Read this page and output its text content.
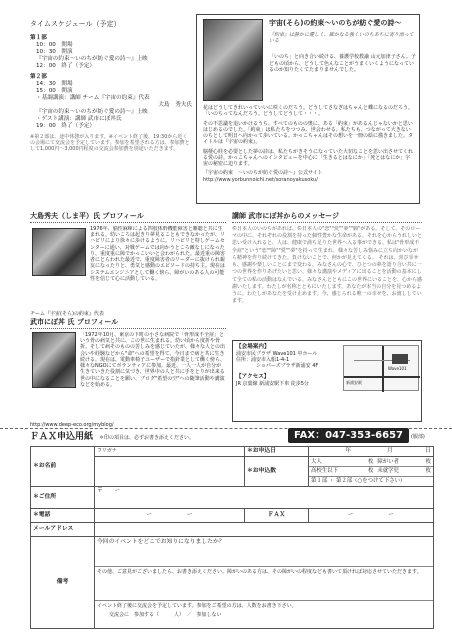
タイムスケジュール（予定）
第１部
10：00　開場
10：30　開演
『宇宙の約束〜いのちが紡ぐ愛の詩〜』上映
12：00　終了（予定）
第２部
14：30　開場
15：00　開演
・基調講演：講師 チーム『宇宙の約束』代表
大島　秀夫氏
『宇宙の約束〜いのちが紡ぐ愛の詩〜』上映
・ゲスト講演：講師 武市にぽ丼氏
19：00　終了（予定）
※第２部は、途中休憩が入ります。※イベント終了後、19:30から近くの会場にて交流会を予定しています。参加を希望される方は、参加費として1,000円〜3,000円程度の交流会参加費を別途いただきます。
宇宙(そら)の約束〜いのちが紡ぐ愛の詩〜
『約束』は静かに優しく、確かなる強くいのちあちに寄り添っている
「いのち」と向き合い続ける、養護学校教諭 山元加津子さん。子どもの頃から、どうして色んなことがうまくいくようになっているのか知りたくてたまりませんでした。
花はどうしてきれいっていいに咲くのだろう。どうしてさなぎはちゃんと蝶になるのだろう。「いのちってなんだろう。どうしてどうして・・・。
その不思議を追いかけるうち、すべてのものの奥に、ある「約束」があるんじゃないかと思いはじめるのでした。「約束」は私たちをつつみ、世会わせる。私たちも、つながって大きないのちとして明日へ向かって歩いている。かっこちゃんはその想いを一冊の絵に描きました。タイトルは『宇宙の約束』。
脳梗心経を必要とした夢の詩は、私たちがきそうになっていた大切なことを思い出させてくれる愛の詩。かっこちゃんへのインタビューを中心に「生きるとはなにか」「死とはなにか」宇宙の秘密に迫ります。
『宇宙の約束　〜いのちが紡ぐ愛の詩〜』公式サイト
http://www.yorbunnoichi.net/soranoyakusoku/
大島秀夫（しま平）氏 プロフィール
1976年、脳性麻痺による四肢体幹機能障害と難聴と共に生まれる。幼いころは起きり夢見ることもできなかったが、リハビリにより徐々に歩けるように。リハビリと特しゲームセンターに通い、対戦ゲームでは向かうところ敵なしになったり、重度重に障でかっこいいと会わがられた。最近重の障害者にとらわれた最近で、重度障害者のリーダーに抜けられ親友になったりと、勇気と感動のエピソードの持ち主。現在はシステムエンジニアとして働く傍ら、障がいのある人の可能性を信じて心に活動している。
チーム『宇宙(そら)の約束』代表
武市にぽ丼 氏 プロフィール
「1972年10月、東京の下町の小さな病院で「骨形成不全症」という骨の病気と共に、この世に生まれる。幼い頃から度折や骨折。そして病そのものの苦しみを感じていたが、様々な人との出会いや経験などから"命"への希望を得て、今日まで病と共に生き続ける。現在は、電動車椅子ユーザーで指針業として働く傍ら、様々なNGOにてボランティアに参加。最近、一人一人が自分が生きていきた役割に気づき、世界中の人と共に手をとりが出来る世の中になることを願い、ブログ"希望の空"への随筆活動や講演などを始める。
http://www.deep-eco.org/myblog/
講師 武市にぽ丼からのメッセージ
©日本人のいのちがあれば、©日本人の"恋""愛""夢""願"がある。そして、そのローマの中に、それぞれの役割を持った個性豊かな生命がある。それを心からうれしいと思い受け入れると、人は、健康で満ち足りた世界へ入る事ができる。私は"骨形成不全症"という"恋""障""愛""夢"を持って生まれ、様々な苦しみ悩みに立ち向かいながら精神を作り続けてきた。負けないことで、何かが見えてくる。 それは、喜び幸せも、感謝や楽しいことにまで変わる。みなさんの心で、ひとつの夢を語り合い共に一つの世界を作りあげたいと思い、様々な講演やメディアに出ることを活動の基本にして全ての私の活動はなんでいる。みなさんとともにこの世界にいることを、心から感謝いたします。わたしが名称とともにいたします。あなたが本当の自分を見つめるように。わたしがあなたを受け止めます。今、感じられる唯一の幸せを、お渡ししています。
【会場案内】
浦安市民プラザ Wave101 中ホール
住所：浦安市入船1-4-1
ショパーズプラザ新浦安 4F
【アクセス】
JR 京葉線 新浦安駅下車 徒歩5分	新浦安駅
Wave101
ＦＡＸ申込用紙 ＊印の項目は、必ずお書き添えください。	FAX：047-353-6657 (服部)
＊お名前	フリガナ	＊お申込日	年	月	日
	＊お申込数	
大人	枚	障がい者	枚
高校生以下	枚	未就学児	枚
第１部 ・ 第２部（○をつけて下さい）

＊ご住所	〒　　ー
＊電話	ー　　　　　　ー	ＦＡＸ	ー　　　　　　ー
メールアドレス	
備考	
今回のイベントをどこでお知りになりましたか？
その他、ご意見がございましたら、お書き添えください。障がいのある方は、その障がいの程度なども書いて頂ければ対応させていただきます。
イベント終了後に交流会を予定しています。参加をご希望の方は、人数をお書き下さい。
交流会に　参加する（　　　人）　／　参加しない
